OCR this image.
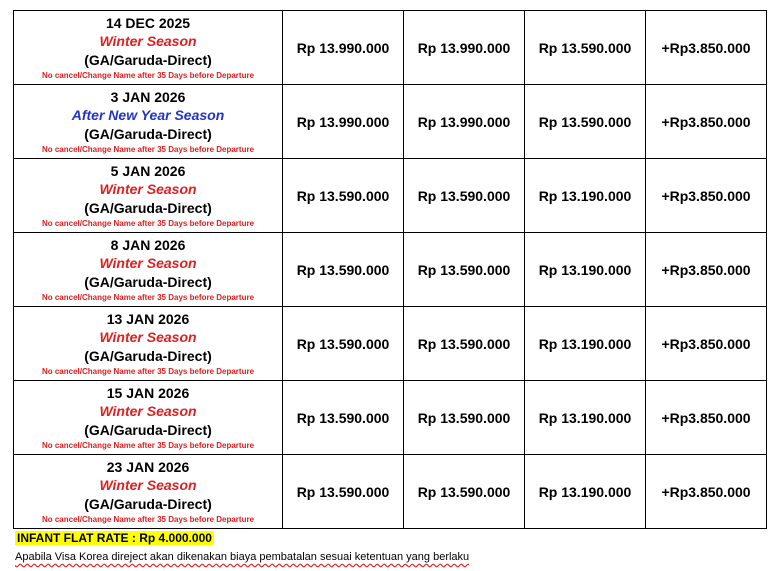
14 DEC 2025
Winter Season
(GA/Garuda-Direct)
No cancel/Change Name after 35 Days before Departure	Rp 13.990.000	Rp 13.990.000	Rp 13.590.000	+Rp3.850.000

3 JAN 2026
After New Year Season
(GA/Garuda-Direct)
No cancel/Change Name after 35 Days before Departure	Rp 13.990.000	Rp 13.990.000	Rp 13.590.000	+Rp3.850.000

5 JAN 2026
Winter Season
(GA/Garuda-Direct)
No cancel/Change Name after 35 Days before Departure	Rp 13.590.000	Rp 13.590.000	Rp 13.190.000	+Rp3.850.000

8 JAN 2026
Winter Season
(GA/Garuda-Direct)
No cancel/Change Name after 35 Days before Departure	Rp 13.590.000	Rp 13.590.000	Rp 13.190.000	+Rp3.850.000

13 JAN 2026
Winter Season
(GA/Garuda-Direct)
No cancel/Change Name after 35 Days before Departure	Rp 13.590.000	Rp 13.590.000	Rp 13.190.000	+Rp3.850.000

15 JAN 2026
Winter Season
(GA/Garuda-Direct)
No cancel/Change Name after 35 Days before Departure	Rp 13.590.000	Rp 13.590.000	Rp 13.190.000	+Rp3.850.000

23 JAN 2026
Winter Season
(GA/Garuda-Direct)
No cancel/Change Name after 35 Days before Departure	Rp 13.590.000	Rp 13.590.000	Rp 13.190.000	+Rp3.850.000
INFANT FLAT RATE : Rp 4.000.000
Apabila Visa Korea direject akan dikenakan biaya pembatalan sesuai ketentuan yang berlaku
